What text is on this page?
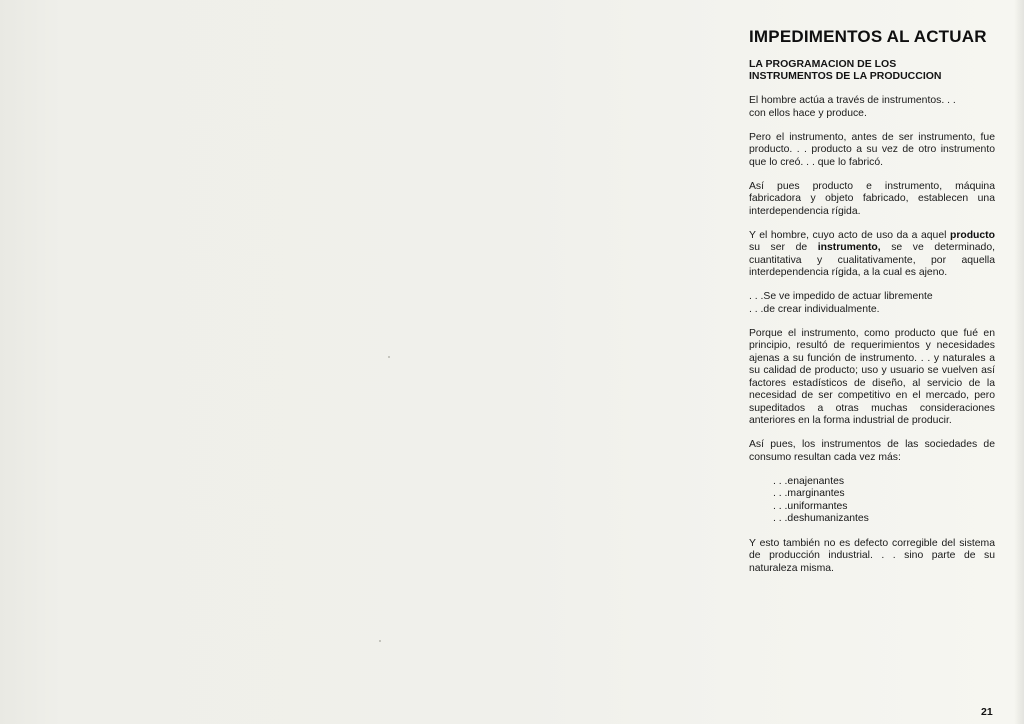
IMPEDIMENTOS AL ACTUAR
LA PROGRAMACION DE LOS
INSTRUMENTOS DE LA PRODUCCION

El hombre actúa a través de instrumentos. . .
con ellos hace y produce.

Pero el instrumento, antes de ser instrumento, fue producto. . . producto a su vez de otro instrumento que lo creó. . . que lo fabricó.

Así pues producto e instrumento, máquina fabricadora y objeto fabricado, establecen una interdependencia rígida.

Y el hombre, cuyo acto de uso da a aquel producto su ser de instrumento, se ve determinado, cuantitativa y cualitativamente, por aquella interdependencia rígida, a la cual es ajeno.

. . .Se ve impedido de actuar libremente
. . .de crear individualmente.

Porque el instrumento, como producto que fué en principio, resultó de requerimientos y necesidades ajenas a su función de instrumento. . . y naturales a su calidad de producto; uso y usuario se vuelven así factores estadísticos de diseño, al servicio de la necesidad de ser competitivo en el mercado, pero supeditados a otras muchas consideraciones anteriores en la forma industrial de producir.

Así pues, los instrumentos de las sociedades de consumo resultan cada vez más:

. . .enajenantes
. . .marginantes
. . .uniformantes
. . .deshumanizantes

Y esto también no es defecto corregible del sistema de producción industrial. . . sino parte de su naturaleza misma.

21
